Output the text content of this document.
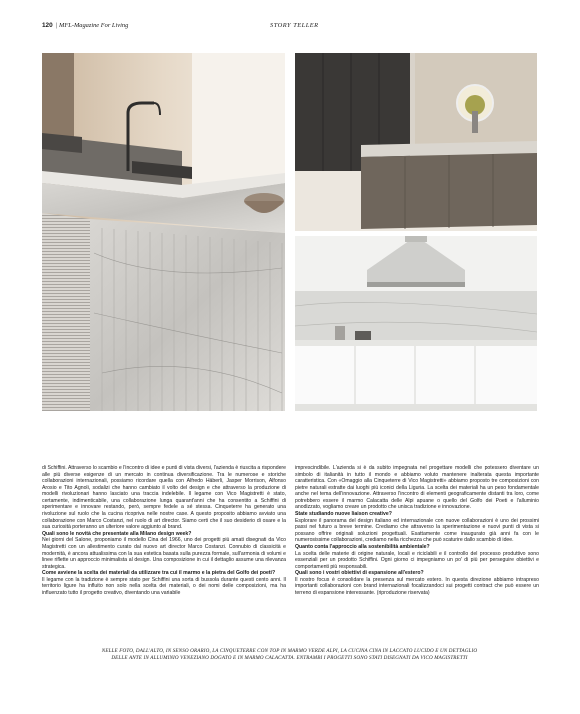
120 | MFL-Magazine For Living	STORY TELLER

di Schiffini. Attraverso lo scambio e l'incontro di idee e punti di vista diversi, l'azienda è riuscita a rispondere alle più diverse esigenze di un mercato in continua diversificazione. Tra le numerose e storiche collaborazioni internazionali, possiamo ricordare quella con Alfredo Häberli, Jasper Morrison, Alfonso Arosio e Tito Agnoli, sodalizi che hanno cambiato il volto del design e che attraverso la produzione di modelli rivoluzionari hanno lasciato una traccia indelebile. Il legame con Vico Magistretti è stato, certamente, indimenticabile, una collaborazione lunga quarant'anni che ha consentito a Schiffini di sperimentare e innovare restando, però, sempre fedele a sé stessa. Cinqueterre ha generato una rivoluzione sul ruolo che la cucina ricopriva nelle nostre case. A questo proposito abbiamo avviato una collaborazione con Marco Costanzi, nel ruolo di art director. Siamo certi che il suo desiderio di osare e la sua curiosità porteranno un ulteriore valore aggiunto al brand.

Quali sono le novità che presentate alla Milano design week?

Nei giorni del Salone, proponiamo il modello Cina del 1966, uno dei progetti più amati disegnati da Vico Magistretti con un allestimento curato dal nuovo art director Marco Costanzi. Connubio di classicità e modernità, è ancora attualissima con la sua estetica basata sulla purezza formale, sull'armonia di volumi e linee riflette un approccio minimalista al design. Una composizione in cui il dettaglio assume una rilevanza strategica.

Come avviene la scelta dei materiali da utilizzare tra cui il marmo e la pietra del Golfo dei poeti?

Il legame con la tradizione è sempre stato per Schiffini una sorta di bussola durante questi cento anni. Il territorio ligure ha influito non solo nella scelta dei materiali, o dei nomi delle composizioni, ma ha influenzato tutto il progetto creativo, diventando una variabile

imprescindibile. L'azienda si è da subito impegnata nel progettare modelli che potessero diventare un simbolo di italianità in tutto il mondo e abbiamo voluto mantenere inalterata questa importante caratteristica. Con «Omaggio alla Cinqueterre di Vico Magistretti» abbiamo proposto tre composizioni con pietre naturali estratte dai luoghi più iconici della Liguria. La scelta dei materiali ha un peso fondamentale anche nel tema dell'innovazione. Attraverso l'incontro di elementi geograficamente distanti tra loro, come potrebbero essere il marmo Calacatta delle Alpi apuane o quello del Golfo dei Poeti e l'alluminio anodizzato, vogliamo creare un prodotto che unisca tradizione e innovazione.

State studiando nuove liaison creative?

Esplorare il panorama del design italiano ed internazionale con nuove collaborazioni è uno dei prossimi passi nel futuro a breve termine. Crediamo che attraverso la sperimentazione e nuovi punti di vista si possano offrire originali soluzioni progettuali. Esattamente come inaugurato già anni fa con le numerosissime collaborazioni, crediamo nella ricchezza che può scaturire dallo scambio di idee.

Quanto conta l'approccio alla sostenibilità ambientale?

La scelta delle materie di origine naturale, locali e riciclabili e il controllo del processo produttivo sono essenziali per un prodotto Schiffini. Ogni giorno ci impegniamo un po' di più per perseguire obiettivi e comportamenti più responsabili.

Quali sono i vostri obiettivi di espansione all'estero?

Il nostro focus è consolidare la presenza sul mercato estero. In questa direzione abbiamo intrapreso importanti collaborazioni con brand internazionali focalizzandoci sui progetti contract che può essere un terreno di espansione interessante. (riproduzione riservata)

NELLE FOTO, DALL'ALTO, IN SENSO ORARIO, LA CINQUETERRE CON TOP IN MARMO VERDE ALPI, LA CUCINA CINA IN LACCATO LUCIDO E UN DETTAGLIO
DELLE ANTE IN ALLUMINIO VENEZIANO DOGATO E IN MARMO CALACATTA. ENTRAMBI I PROGETTI SONO STATI DISEGNATI DA VICO MAGISTRETTI
